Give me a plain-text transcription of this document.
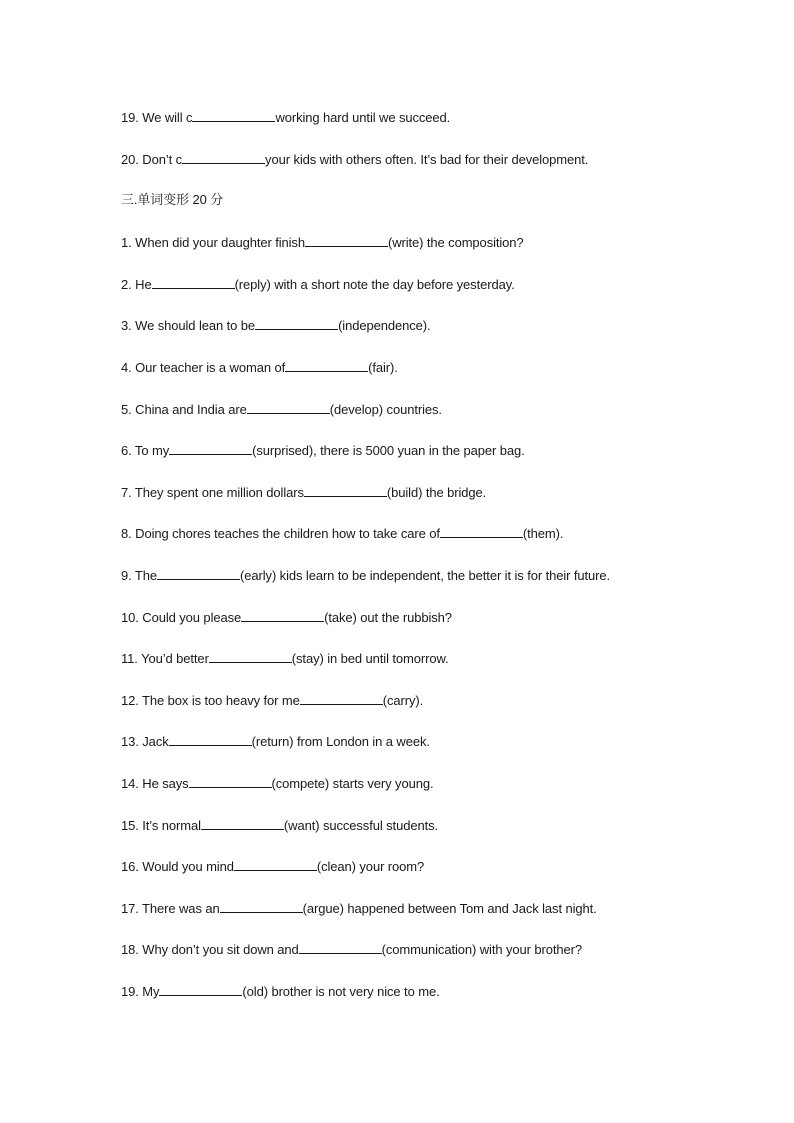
19. We will c	working hard until we succeed.
20. Don’t c	your kids with others often. It’s bad for their development.
三.单词变形 20 分
1. When did your daughter finish	(write) the composition?
2. He	(reply) with a short note the day before yesterday.
3. We should lean to be	(independence).
4. Our teacher is a woman of	(fair).
5. China and India are	(develop) countries.
6. To my	(surprised), there is 5000 yuan in the paper bag.
7. They spent one million dollars	(build) the bridge.
8. Doing chores teaches the children how to take care of	(them).
9. The	(early) kids learn to be independent, the better it is for their future.
10. Could you please	(take) out the rubbish?
11. You’d better	(stay) in bed until tomorrow.
12. The box is too heavy for me	(carry).
13. Jack	(return) from London in a week.
14. He says	(compete) starts very young.
15. It’s normal	(want) successful students.
16. Would you mind	(clean) your room?
17. There was an	(argue) happened between Tom and Jack last night.
18. Why don’t you sit down and	(communication) with your brother?
19. My	(old) brother is not very nice to me.
